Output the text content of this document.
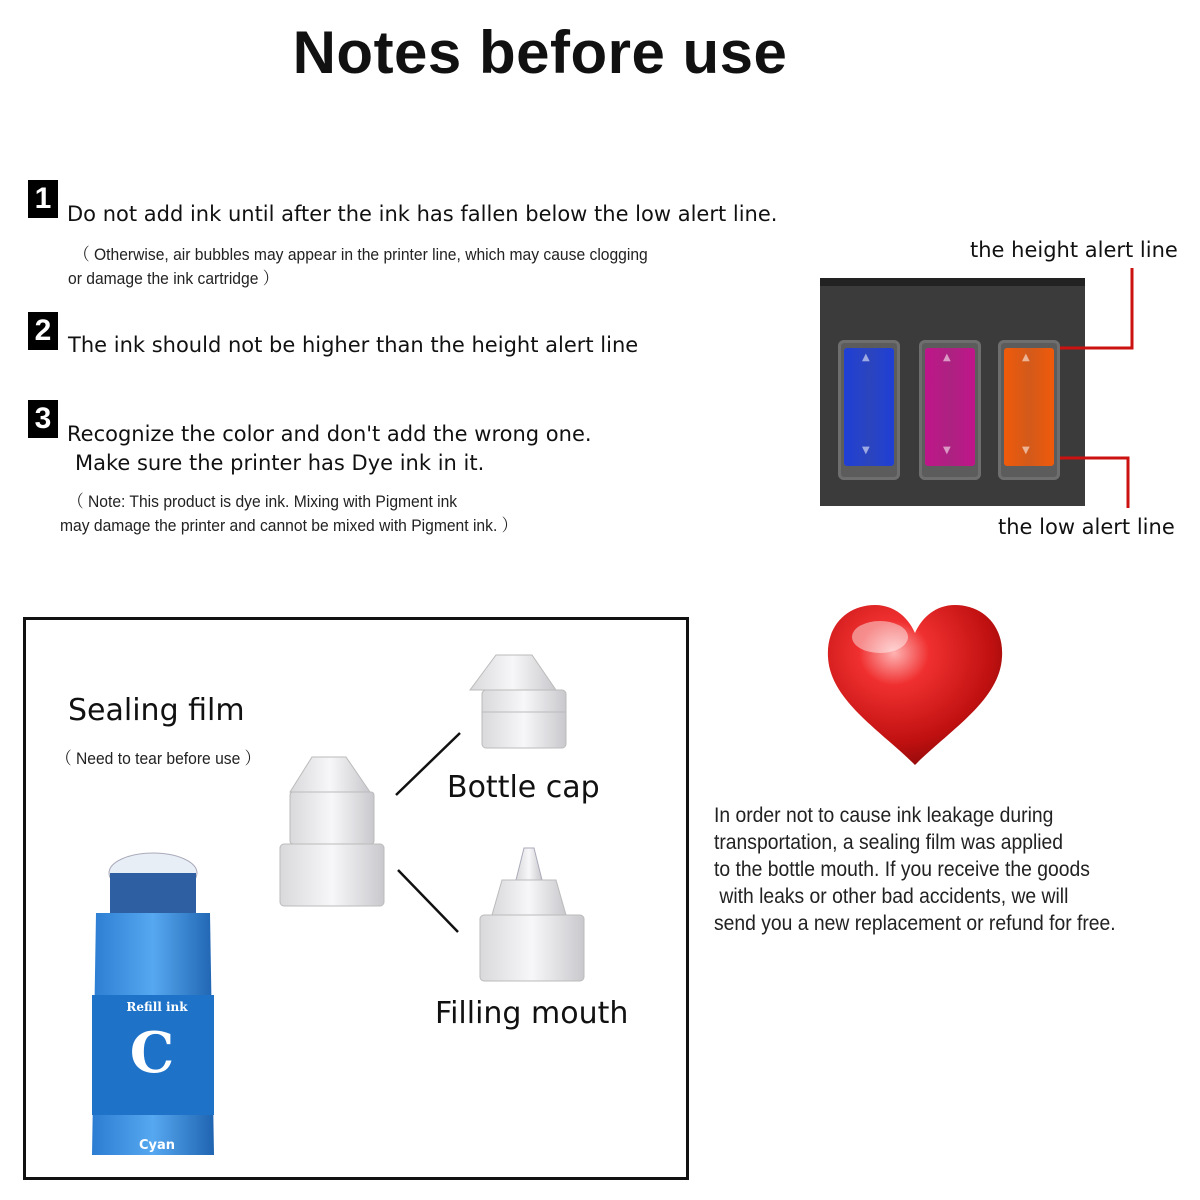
Notes before use
1 Do not add ink until after the ink has fallen below the low alert line.
（ Otherwise, air bubbles may appear in the printer line, which may cause clogging
or damage the ink cartridge ）
2 The ink should not be higher than the height alert line
3 Recognize the color and don't add the wrong one.
Make sure the printer has Dye ink in it.
（ Note: This product is dye ink. Mixing with Pigment ink
may damage the printer and cannot be mixed with Pigment ink. ）
the height alert line
the low alert line
▲
▼
▲
▼
▲
▼
Sealing film
（ Need to tear before use ）
Bottle cap
Filling mouth
Refill ink
C
Cyan
In order not to cause ink leakage during
transportation, a sealing film was applied
to the bottle mouth. If you receive the goods
with leaks or other bad accidents, we will
send you a new replacement or refund for free.
